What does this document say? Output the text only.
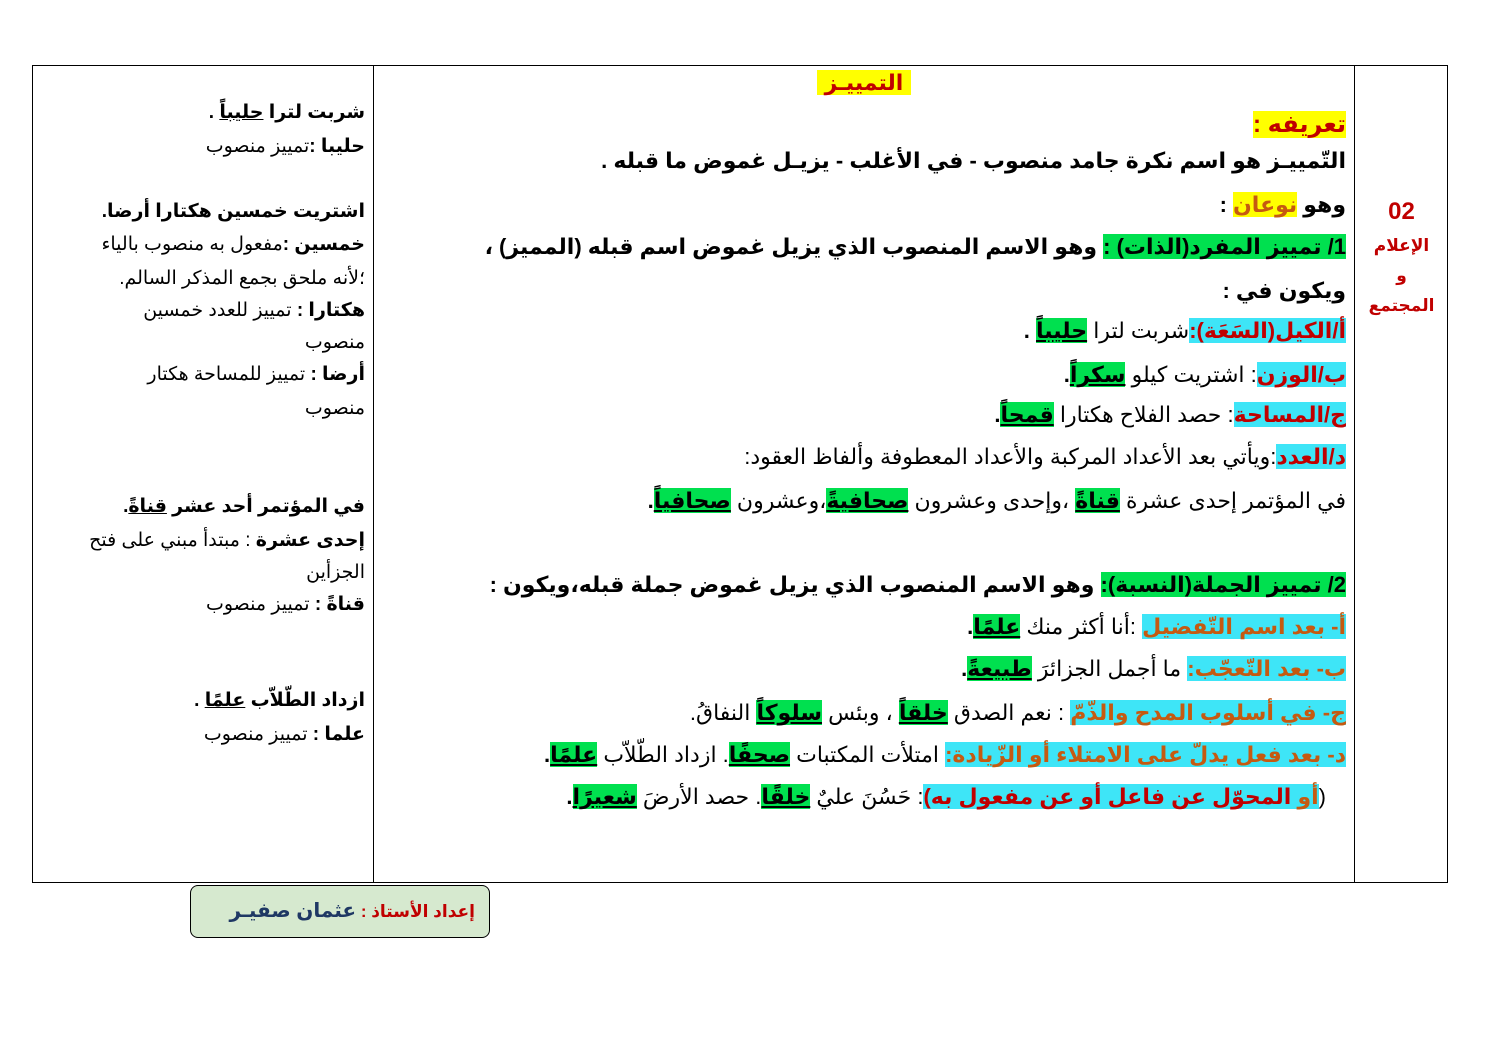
02
الإعلام
و
المجتمع
التمييـز
تعريفه :
التّمييـز هو اسم نكرة جامد منصوب - في الأغلب - يزيـل غموض ما قبله .
وهو نوعان :
1/ تمييز المفرد(الذات) : وهو الاسم المنصوب الذي يزيل غموض اسم قبله (المميز) ،
ويكون في :
أ/الكيل(السَعَة):شربت لترا حليباً .
ب/الوزن: اشتريت كيلو سكراً.
ج/المساحة: حصد الفلاح هكتارا قمحاً.
د/العدد:ويأتي بعد الأعداد المركبة والأعداد المعطوفة وألفاظ العقود:
في المؤتمر إحدى عشرة قناةً ،وإحدى وعشرون صحافيةً،وعشرون صحافياً.
2/ تمييز الجملة(النسبة): وهو الاسم المنصوب الذي يزيل غموض جملة قبله،ويكون :
أ- بعد اسم التّفضيل :أنا أكثر منك علمًا.
ب- بعد التّعجّب: ما أجمل الجزائرَ طبيعةً.
ج- في أسلوب المدح والذّمّ : نعم الصدق خلقاً ، وبئس سلوكاً النفاقُ.
د- بعد فعل يدلّ على الامتلاء أو الزّيادة: امتلأت المكتبات صحفًا. ازداد الطّلاّب علمًا.
(أو المحوّل عن فاعل أو عن مفعول به): حَسُنَ عليٌ خلقًا. حصد الأرضَ شعيرًا.
شربت لترا حليباً .
حليبا :تمييز منصوب
اشتريت خمسين هكتارا أرضا.
خمسين :مفعول به منصوب بالياء
؛لأنه ملحق بجمع المذكر السالم.
هكتارا : تمييز للعدد خمسين
منصوب
أرضا : تمييز للمساحة هكتار
منصوب
في المؤتمر أحد عشر قناةً.
إحدى عشرة : مبتدأ مبني على فتح
الجزأين
قناةً : تمييز منصوب
ازداد الطّلاّب علمًا .
علما : تمييز منصوب
إعداد الأستاذ : عثمان صفيـر
